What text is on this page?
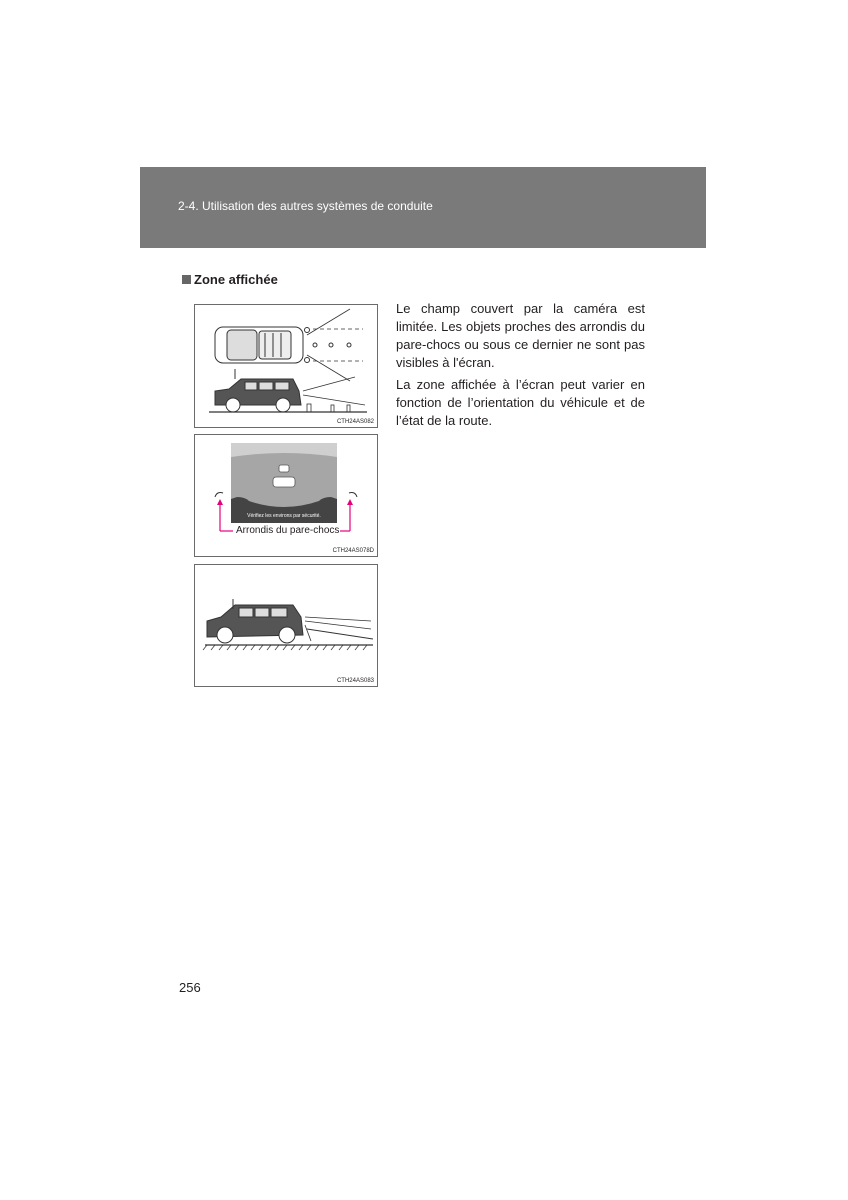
2-4. Utilisation des autres systèmes de conduite
Zone affichée
CTH24AS082
Vérifiez les environs par sécurité.
Arrondis du pare-chocs
CTH24AS078D
CTH24AS083

Le champ couvert par la caméra est limitée. Les objets proches des arrondis du pare-chocs ou sous ce dernier ne sont pas visibles à l'écran.

La zone affichée à l’écran peut varier en fonction de l’orientation du véhicule et de l’état de la route.

256
